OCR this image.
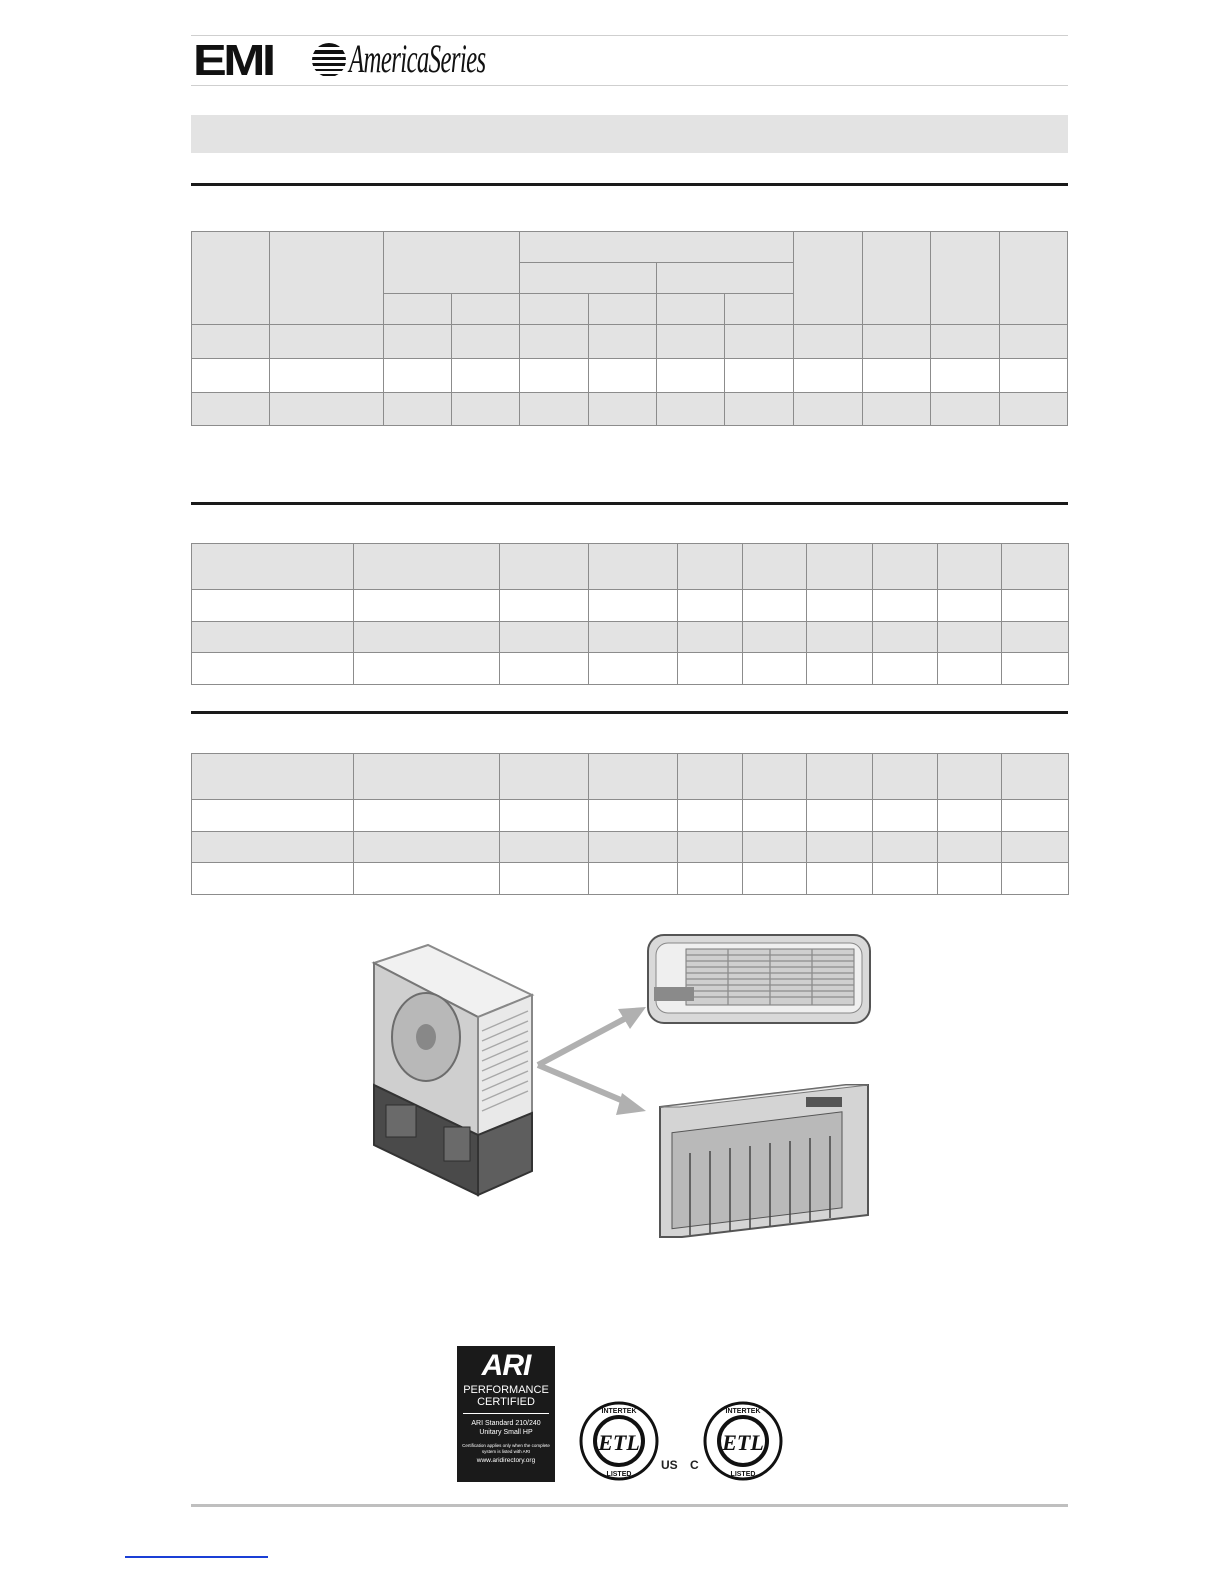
EMI AmericaSeries

ARI
PERFORMANCE
CERTIFIED
ARI Standard 210/240
Unitary Small HP
Certification applies only when the complete system is listed with ARI
www.aridirectory.org
ETL
INTERTEK
LISTED
US C
ETL
INTERTEK
LISTED
